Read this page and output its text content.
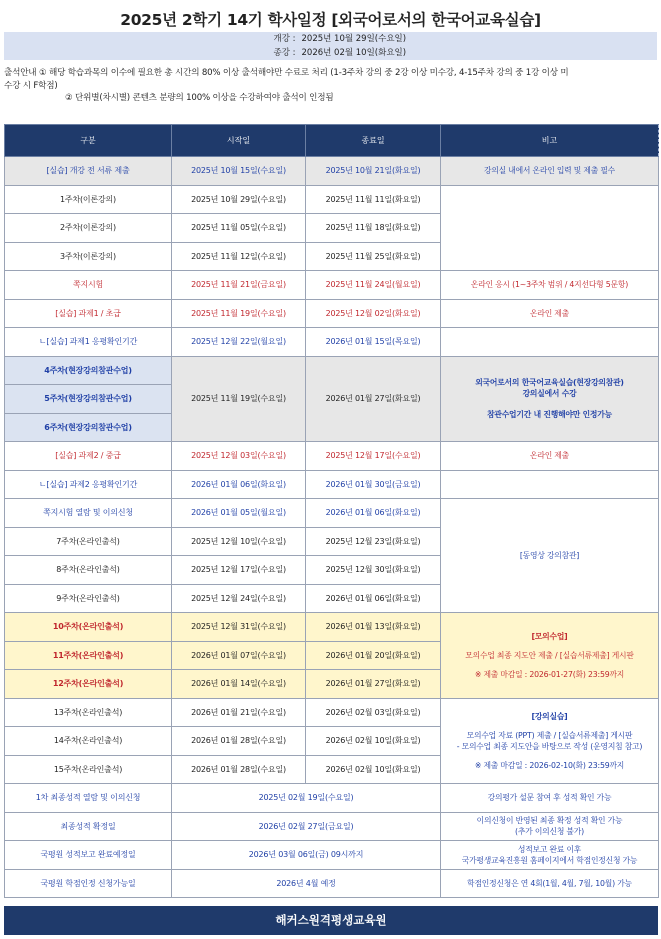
2025년 2학기 14기 학사일정 [외국어로서의 한국어교육실습]
개강 : 2025년 10월 29일(수요일)
종강 : 2026년 02월 10일(화요일)
출석안내 ① 해당 학습과목의 이수에 필요한 총 시간의 80% 이상 출석해야만 수료로 처리 (1-3주차 강의 중 2강 이상 미수강, 4-15주차 강의 중 1강 이상 미
수강 시 F학점)
② 단위별(차시별) 콘텐츠 분량의 100% 이상을 수강하여야 출석이 인정됨
구분	시작일	종료일	비고
[실습] 개강 전 서류 제출	2025년 10월 15일(수요일)	2025년 10월 21일(화요일)	강의실 내에서 온라인 입력 및 제출 필수
1주차(이론강의)	2025년 10월 29일(수요일)	2025년 11월 11일(화요일)	
2주차(이론강의)	2025년 11월 05일(수요일)	2025년 11월 18일(화요일)	
3주차(이론강의)	2025년 11월 12일(수요일)	2025년 11월 25일(화요일)	
쪽지시험	2025년 11월 21일(금요일)	2025년 11월 24일(월요일)	온라인 응시 (1~3주차 범위 / 4지선다형 5문항)
[실습] 과제1 / 초급	2025년 11월 19일(수요일)	2025년 12월 02일(화요일)	온라인 제출
ㄴ[실습] 과제1 응평확인기간	2025년 12월 22일(월요일)	2026년 01월 15일(목요일)	
4주차(현장강의참관수업)	2025년 11월 19일(수요일)	2026년 01월 27일(화요일)	외국어로서의 한국어교육실습(현장강의참관)
강의실에서 수강
참관수업기간 내 진행해야만 인정가능

5주차(현장강의참관수업)			
6주차(현장강의참관수업)			
[실습] 과제2 / 중급	2025년 12월 03일(수요일)	2025년 12월 17일(수요일)	온라인 제출
ㄴ[실습] 과제2 응평확인기간	2026년 01월 06일(화요일)	2026년 01월 30일(금요일)	
쪽지시험 열람 및 이의신청	2026년 01월 05일(월요일)	2026년 01월 06일(화요일)	[동영상 강의참관]
7주차(온라인출석)	2025년 12월 10일(수요일)	2025년 12월 23일(화요일)	
8주차(온라인출석)	2025년 12월 17일(수요일)	2025년 12월 30일(화요일)	
9주차(온라인출석)	2025년 12월 24일(수요일)	2026년 01월 06일(화요일)	
10주차(온라인출석)	2025년 12월 31일(수요일)	2026년 01월 13일(화요일)	[모의수업]
모의수업 최종 지도안 제출 / [실습서류제출] 게시판
※ 제출 마감일 : 2026-01-27(화) 23:59까지

11주차(온라인출석)	2026년 01월 07일(수요일)	2026년 01월 20일(화요일)	
12주차(온라인출석)	2026년 01월 14일(수요일)	2026년 01월 27일(화요일)	
13주차(온라인출석)	2026년 01월 21일(수요일)	2026년 02월 03일(화요일)	[강의실습]
모의수업 자료 (PPT) 제출 / [실습서류제출] 게시판
- 모의수업 최종 지도안을 바탕으로 작성 (운영지침 참고)
※ 제출 마감일 : 2026-02-10(화) 23:59까지

14주차(온라인출석)	2026년 01월 28일(수요일)	2026년 02월 10일(화요일)	
15주차(온라인출석)	2026년 01월 28일(수요일)	2026년 02월 10일(화요일)	
1차 최종성적 열람 및 이의신청	2025년 02월 19일(수요일)		강의평가 설문 참여 후 성적 확인 가능
최종성적 확정일	2026년 02월 27일(금요일)		이의신청이 반영된 최종 확정 성적 확인 가능
(추가 이의신청 불가)

국평원 성적보고 완료예정일	2026년 03월 06일(금) 09시까지		성적보고 완료 이후
국가평생교육진흥원 홈페이지에서 학점인정신청 가능

국평원 학점인정 신청가능일	2026년 4월 예정		학점인정신청은 연 4회(1월, 4월, 7월, 10월) 가능
해커스원격평생교육원
